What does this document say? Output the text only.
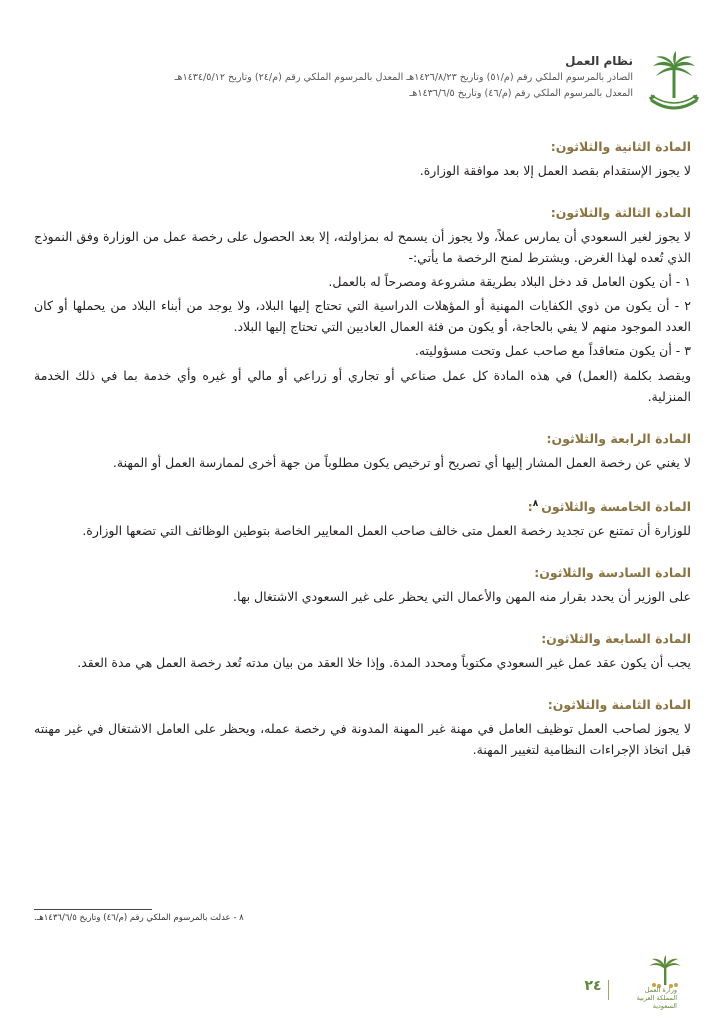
نظام العمل
الصادر بالمرسوم الملكي رقم (م/٥١) وتاريخ ١٤٢٦/٨/٢٣هـ المعدل بالمرسوم الملكي رقم (م/٢٤) وتاريخ ١٤٣٤/٥/١٢هـ
المعدل بالمرسوم الملكي رقم (م/٤٦) وتاريخ ١٤٣٦/٦/٥هـ
المادة الثانية والثلاثون:

لا يجوز الإستقدام بقصد العمل إلا بعد موافقة الوزارة.

المادة الثالثة والثلاثون:

لا يجوز لغير السعودي أن يمارس عملاً، ولا يجوز أن يسمح له بمزاولته، إلا بعد الحصول على رخصة عمل من الوزارة وفق النموذج الذي تُعده لهذا الغرض. ويشترط لمنح الرخصة ما يأتي:-

١ - أن يكون العامل قد دخل البلاد بطريقة مشروعة ومصرحاً له بالعمل.

٢ - أن يكون من ذوي الكفايات المهنية أو المؤهلات الدراسية التي تحتاج إليها البلاد، ولا يوجد من أبناء البلاد من يحملها أو كان العدد الموجود منهم لا يفي بالحاجة، أو يكون من فئة العمال العاديين التي تحتاج إليها البلاد.

٣ - أن يكون متعاقداً مع صاحب عمل وتحت مسؤوليته.

ويقصد بكلمة (العمل) في هذه المادة كل عمل صناعي أو تجاري أو زراعي أو مالي أو غيره وأي خدمة بما في ذلك الخدمة المنزلية.

المادة الرابعة والثلاثون:

لا يغني عن رخصة العمل المشار إليها أي تصريح أو ترخيص يكون مطلوباً من جهة أخرى لممارسة العمل أو المهنة.

المادة الخامسة والثلاثون$^٨$:

للوزارة أن تمتنع عن تجديد رخصة العمل متى خالف صاحب العمل المعايير الخاصة بتوطين الوظائف التي تضعها الوزارة.

المادة السادسة والثلاثون:

على الوزير أن يحدد بقرار منه المهن والأعمال التي يحظر على غير السعودي الاشتغال بها.

المادة السابعة والثلاثون:

يجب أن يكون عقد عمل غير السعودي مكتوباً ومحدد المدة. وإذا خلا العقد من بيان مدته تُعد رخصة العمل هي مدة العقد.

المادة الثامنة والثلاثون:

لا يجوز لصاحب العمل توظيف العامل في مهنة غير المهنة المدونة في رخصة عمله، ويحظر على العامل الاشتغال في غير مهنته قبل اتخاذ الإجراءات النظامية لتغيير المهنة.

٨ - عدلت بالمرسوم الملكي رقم (م/٤٦) وتاريخ ١٤٣٦/٦/٥هـ.
وزارة العمل
المملكة العربية السعودية
٢٤
